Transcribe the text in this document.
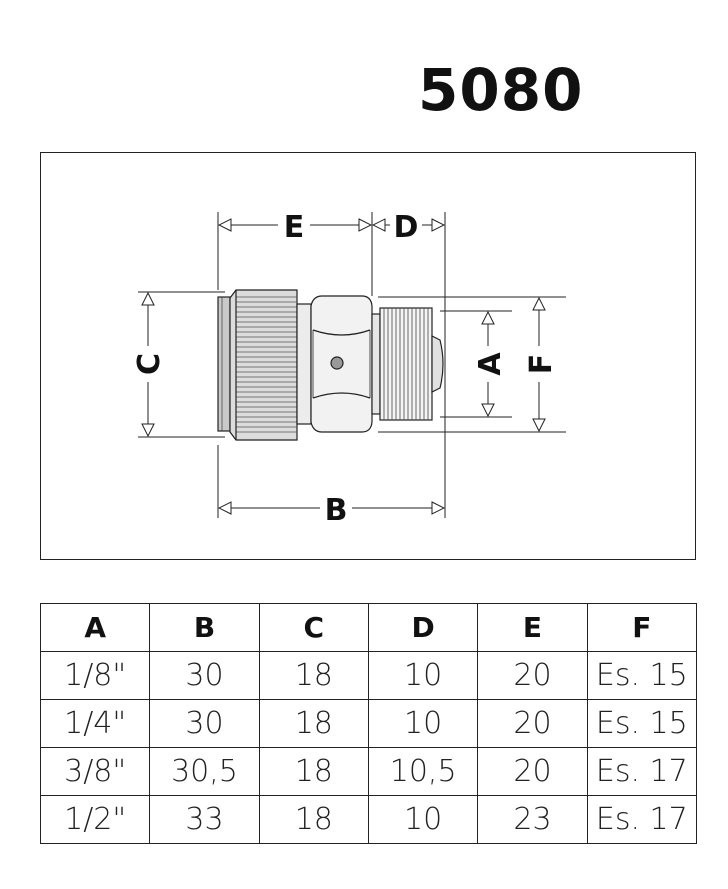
5080
E	D
B
C	A F
A	B	C	D	E	F
1/8"	30	18	10	20	Es. 15
1/4"	30	18	10	20	Es. 15
3/8"	30,5	18	10,5	20	Es. 17
1/2"	33	18	10	23	Es. 17
